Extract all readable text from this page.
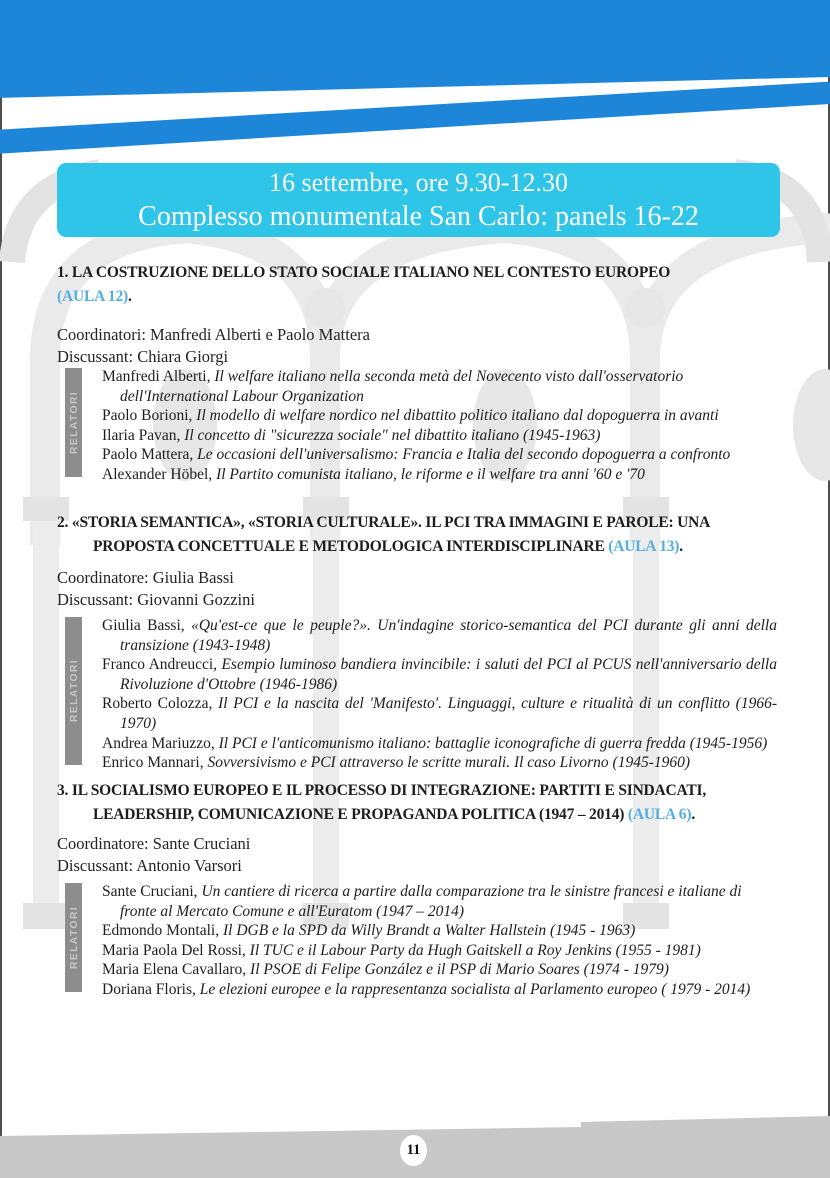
16 settembre, ore 9.30-12.30
Complesso monumentale San Carlo: panels 16-22
1. LA COSTRUZIONE DELLO STATO SOCIALE ITALIANO NEL CONTESTO EUROPEO
(AULA 12).
Coordinatori: Manfredi Alberti e Paolo Mattera
Discussant: Chiara Giorgi
RELATORI
Manfredi Alberti, Il welfare italiano nella seconda metà del Novecento visto dall'osservatorio dell'International Labour Organization
Paolo Borioni, Il modello di welfare nordico nel dibattito politico italiano dal dopoguerra in avanti
Ilaria Pavan, Il concetto di "sicurezza sociale" nel dibattito italiano (1945-1963)
Paolo Mattera, Le occasioni dell'universalismo: Francia e Italia del secondo dopoguerra a confronto
Alexander Höbel, Il Partito comunista italiano, le riforme e il welfare tra anni '60 e '70
2. «STORIA SEMANTICA», «STORIA CULTURALE». IL PCI TRA IMMAGINI E PAROLE: UNA
PROPOSTA CONCETTUALE E METODOLOGICA INTERDISCIPLINARE (AULA 13).
Coordinatore: Giulia Bassi
Discussant: Giovanni Gozzini
RELATORI
Giulia Bassi, «Qu'est-ce que le peuple?». Un'indagine storico-semantica del PCI durante gli anni della transizione (1943-1948)
Franco Andreucci, Esempio luminoso bandiera invincibile: i saluti del PCI al PCUS nell'anniversario della Rivoluzione d'Ottobre (1946-1986)
Roberto Colozza, Il PCI e la nascita del 'Manifesto'. Linguaggi, culture e ritualità di un conflitto (1966-1970)
Andrea Mariuzzo, Il PCI e l'anticomunismo italiano: battaglie iconografiche di guerra fredda (1945-1956)
Enrico Mannari, Sovversivismo e PCI attraverso le scritte murali. Il caso Livorno (1945-1960)
3. IL SOCIALISMO EUROPEO E IL PROCESSO DI INTEGRAZIONE: PARTITI E SINDACATI,
LEADERSHIP, COMUNICAZIONE E PROPAGANDA POLITICA (1947 – 2014) (AULA 6).
Coordinatore: Sante Cruciani
Discussant: Antonio Varsori
RELATORI
Sante Cruciani, Un cantiere di ricerca a partire dalla comparazione tra le sinistre francesi e italiane di fronte al Mercato Comune e all'Euratom (1947 – 2014)
Edmondo Montali, Il DGB e la SPD da Willy Brandt a Walter Hallstein (1945 - 1963)
Maria Paola Del Rossi, Il TUC e il Labour Party da Hugh Gaitskell a Roy Jenkins (1955 - 1981)
Maria Elena Cavallaro, Il PSOE di Felipe González e il PSP di Mario Soares (1974 - 1979)
Doriana Floris, Le elezioni europee e la rappresentanza socialista al Parlamento europeo ( 1979 - 2014)
11
